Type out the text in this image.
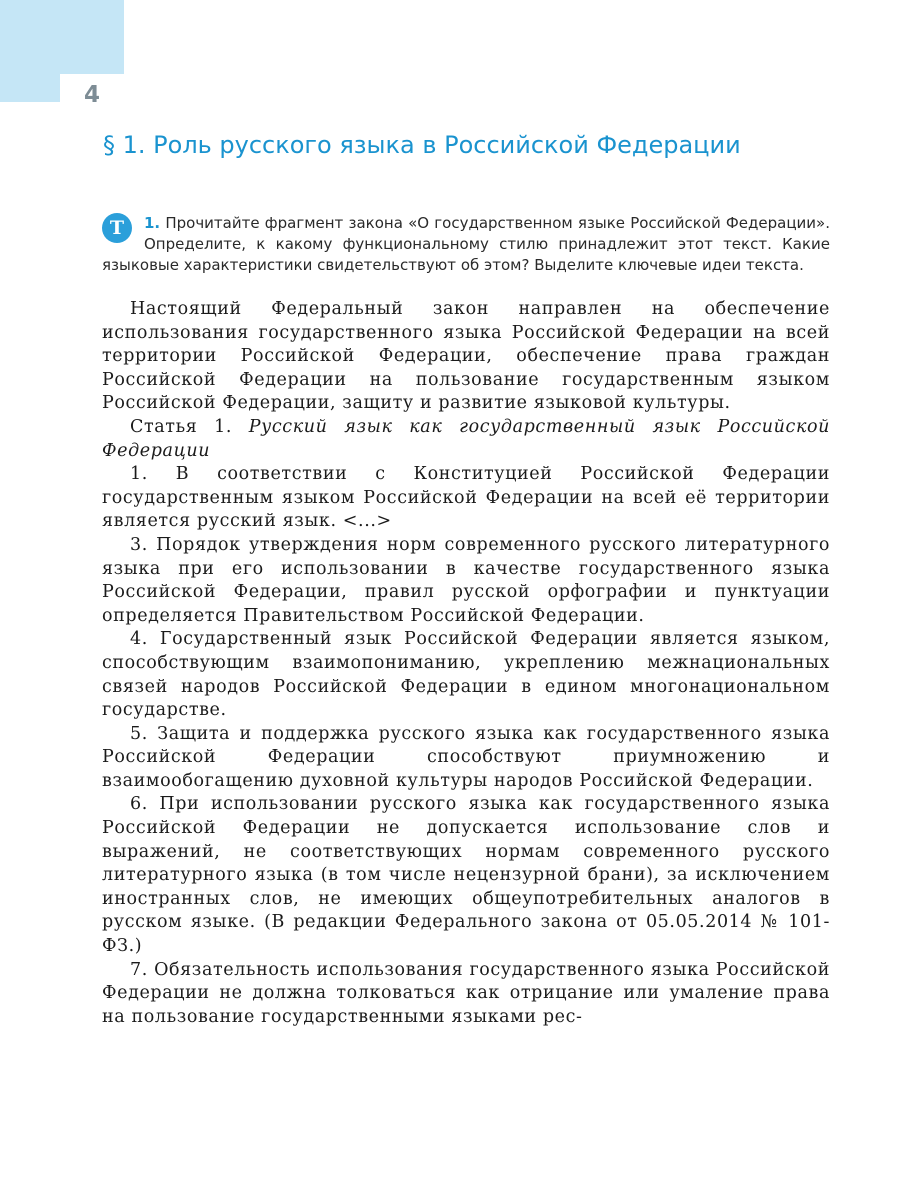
4
§ 1. Роль русского языка в Российской Федерации
Т	1. Прочитайте фрагмент закона «О государственном языке Российской Федерации». Определите, к какому функциональному стилю принадлежит этот текст. Какие языковые характеристики свидетельствуют об этом? Выделите ключевые идеи текста.

Настоящий Федеральный закон направлен на обеспечение использования государственного языка Российской Федерации на всей территории Российской Федерации, обеспечение права граждан Российской Федерации на пользование государственным языком Российской Федерации, защиту и развитие языковой культуры.

Статья 1. Русский язык как государственный язык Российской Федерации

1. В соответствии с Конституцией Российской Федерации государственным языком Российской Федерации на всей её территории является русский язык. <...>

3. Порядок утверждения норм современного русского литературного языка при его использовании в качестве государственного языка Российской Федерации, правил русской орфографии и пунктуации определяется Правительством Российской Федерации.

4. Государственный язык Российской Федерации является языком, способствующим взаимопониманию, укреплению межнациональных связей народов Российской Федерации в едином многонациональном государстве.

5. Защита и поддержка русского языка как государственного языка Российской Федерации способствуют приумножению и взаимообогащению духовной культуры народов Российской Федерации.

6. При использовании русского языка как государственного языка Российской Федерации не допускается использование слов и выражений, не соответствующих нормам современного русского литературного языка (в том числе нецензурной брани), за исключением иностранных слов, не имеющих общеупотребительных аналогов в русском языке. (В редакции Федерального закона от 05.05.2014 № 101-ФЗ.)

7. Обязательность использования государственного языка Российской Федерации не должна толковаться как отрицание или умаление права на пользование государственными языками рес-
